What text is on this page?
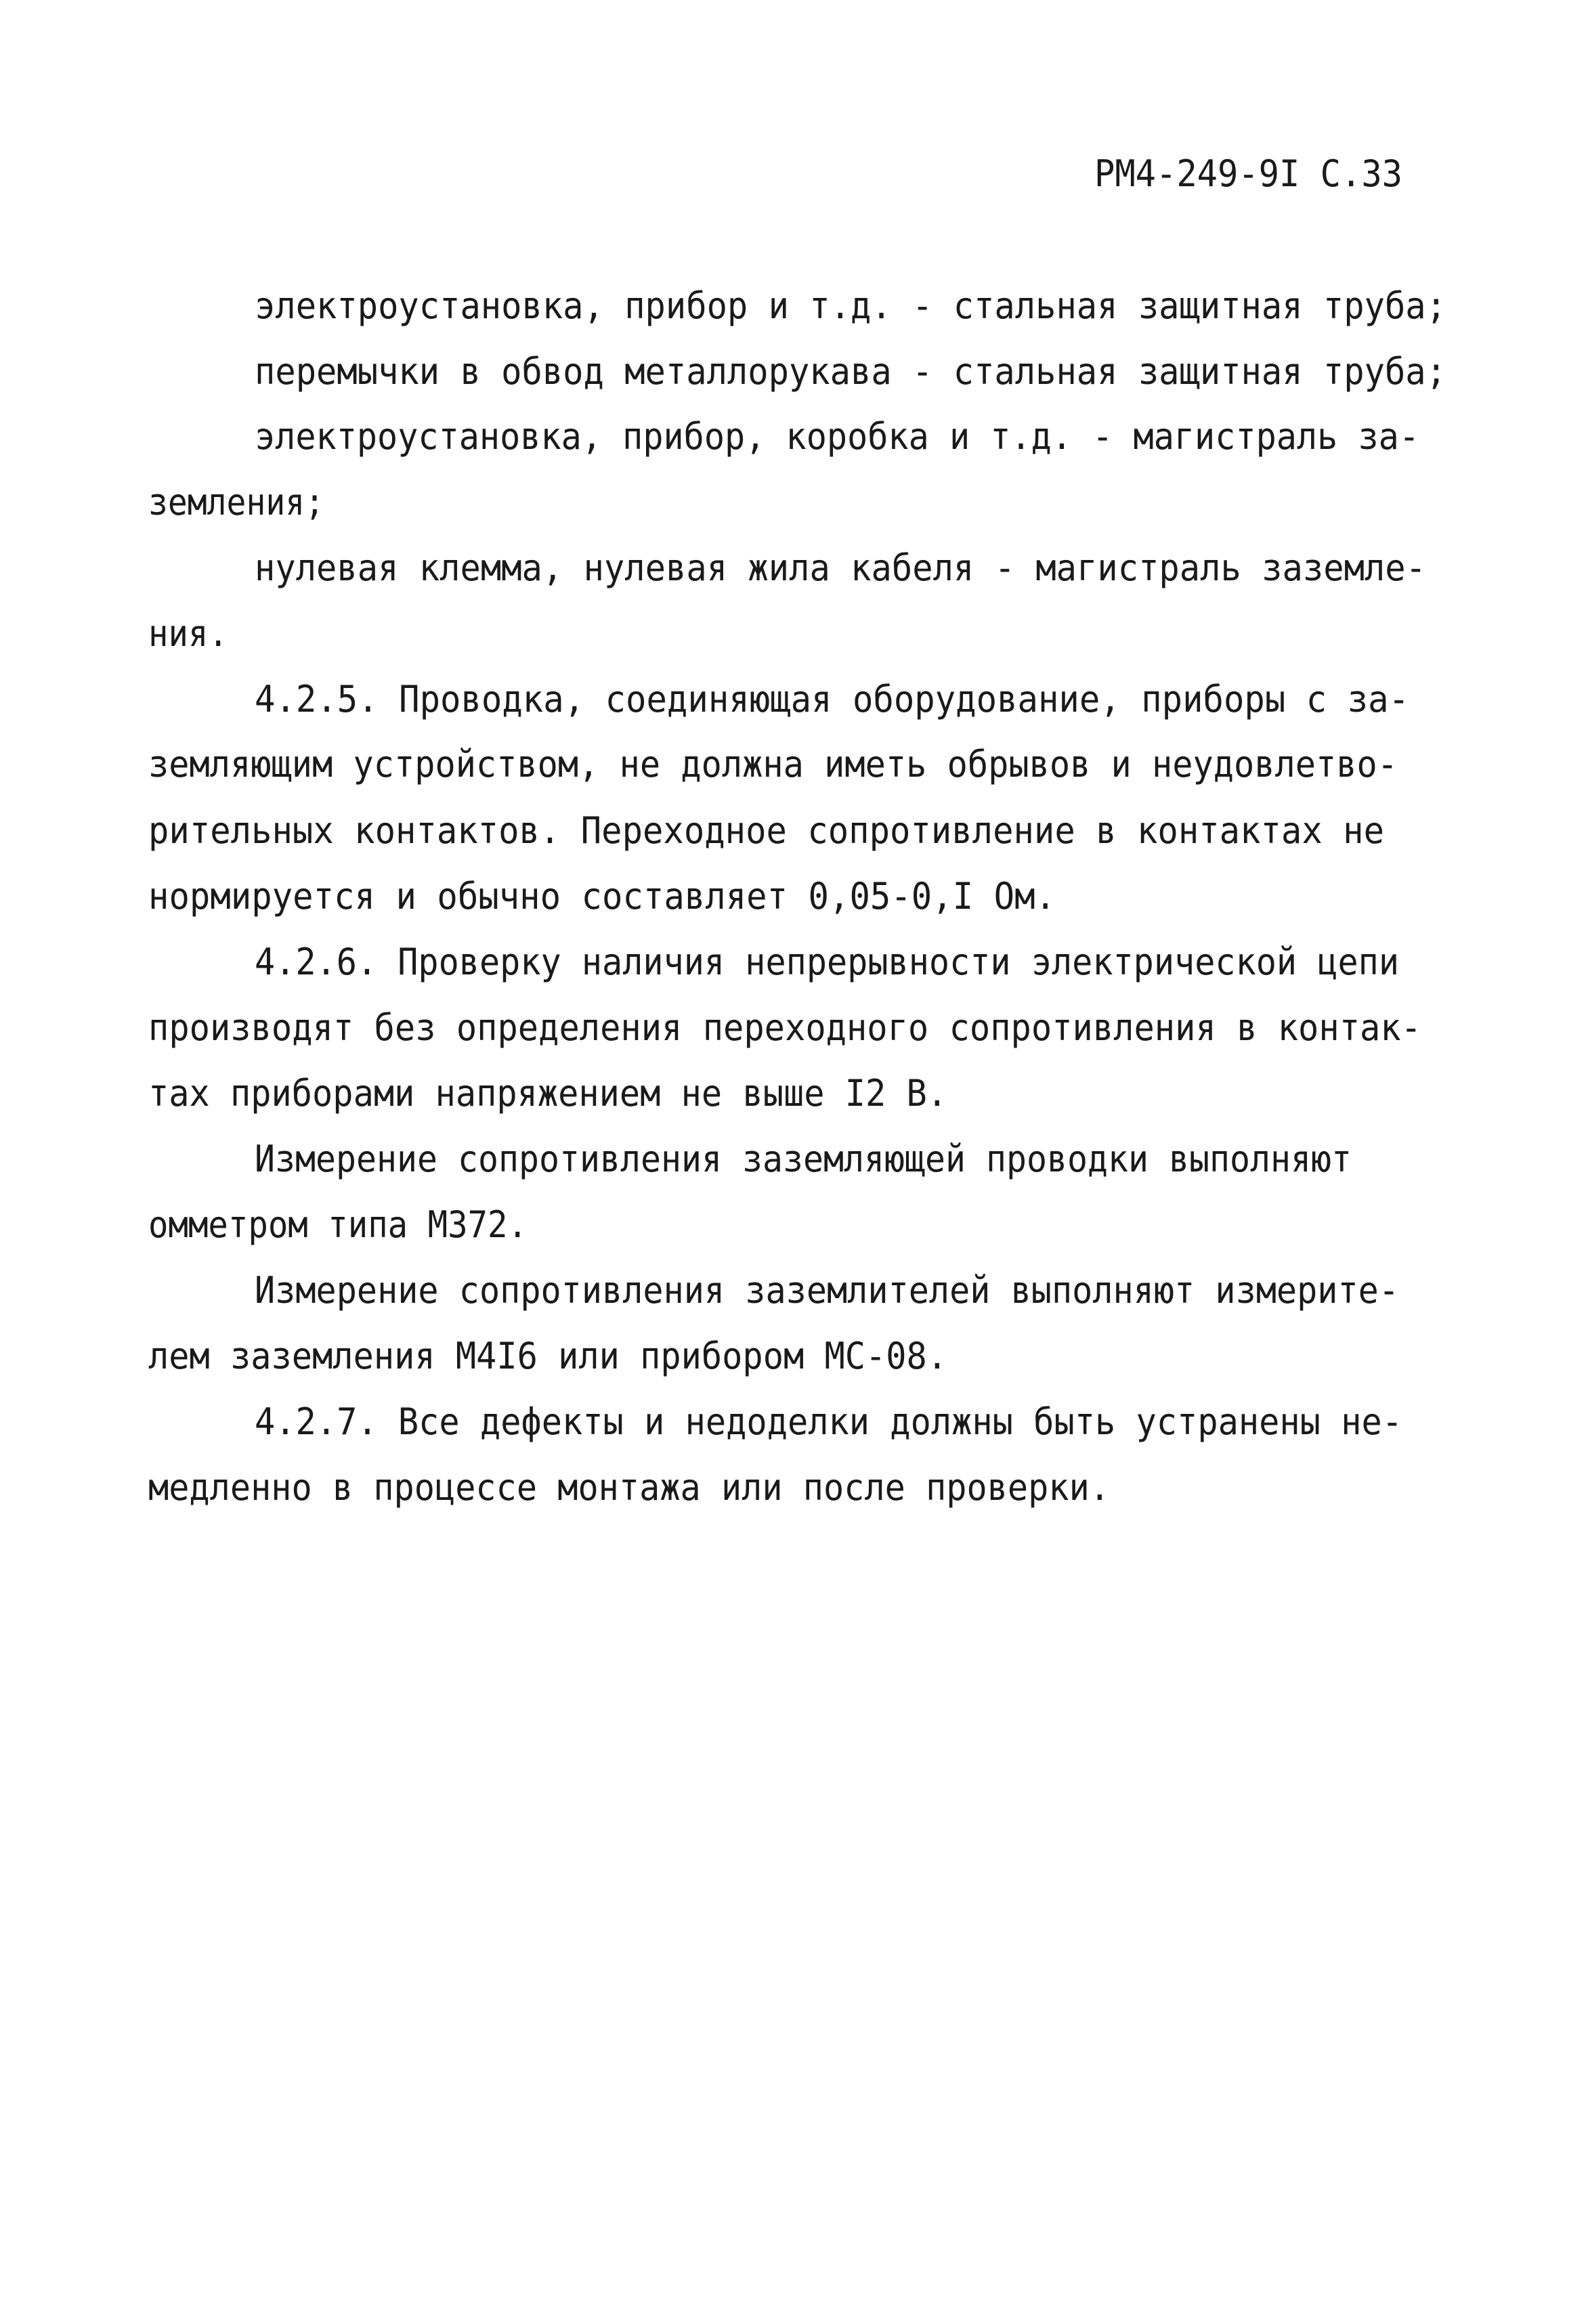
РМ4-249-9I С.33
электроустановка, прибор и т.д. - стальная защитная труба;
перемычки в обвод металлорукава - стальная защитная труба;
электроустановка, прибор, коробка и т.д. - магистраль за-
земления;
нулевая клемма, нулевая жила кабеля - магистраль заземле-
ния.
4.2.5. Проводка, соединяющая оборудование, приборы с за-
земляющим устройством, не должна иметь обрывов и неудовлетво-
рительных контактов. Переходное сопротивление в контактах не
нормируется и обычно составляет 0,05-0,I Ом.
4.2.6. Проверку наличия непрерывности электрической цепи
производят без определения переходного сопротивления в контак-
тах приборами напряжением не выше I2 В.
Измерение сопротивления заземляющей проводки выполняют
омметром типа М372.
Измерение сопротивления заземлителей выполняют измерите-
лем заземления М4I6 или прибором МС-08.
4.2.7. Все дефекты и недоделки должны быть устранены не-
медленно в процессе монтажа или после проверки.
